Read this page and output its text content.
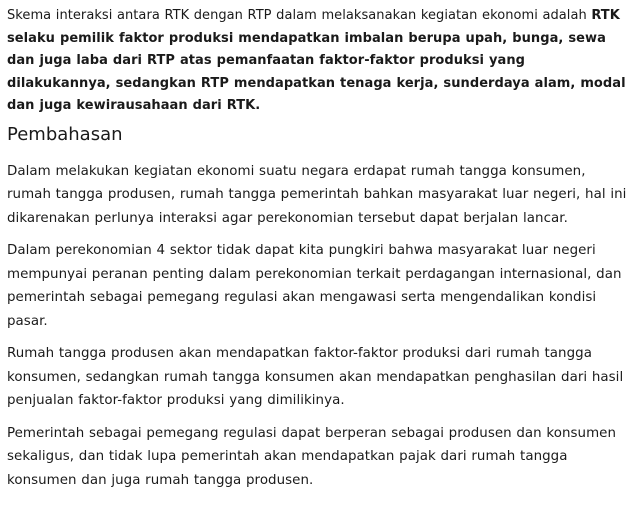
Skema interaksi antara RTK dengan RTP dalam melaksanakan kegiatan ekonomi adalah RTK selaku pemilik faktor produksi mendapatkan imbalan berupa upah, bunga, sewa dan juga laba dari RTP atas pemanfaatan faktor-faktor produksi yang dilakukannya, sedangkan RTP mendapatkan tenaga kerja, sunderdaya alam, modal dan juga kewirausahaan dari RTK.

Pembahasan

Dalam melakukan kegiatan ekonomi suatu negara erdapat rumah tangga konsumen, rumah tangga produsen, rumah tangga pemerintah bahkan masyarakat luar negeri, hal ini dikarenakan perlunya interaksi agar perekonomian tersebut dapat berjalan lancar.

Dalam perekonomian 4 sektor tidak dapat kita pungkiri bahwa masyarakat luar negeri mempunyai peranan penting dalam perekonomian terkait perdagangan internasional, dan pemerintah sebagai pemegang regulasi akan mengawasi serta mengendalikan kondisi pasar.

Rumah tangga produsen akan mendapatkan faktor-faktor produksi dari rumah tangga konsumen, sedangkan rumah tangga konsumen akan mendapatkan penghasilan dari hasil penjualan faktor-faktor produksi yang dimilikinya.

Pemerintah sebagai pemegang regulasi dapat berperan sebagai produsen dan konsumen sekaligus, dan tidak lupa pemerintah akan mendapatkan pajak dari rumah tangga konsumen dan juga rumah tangga produsen.
